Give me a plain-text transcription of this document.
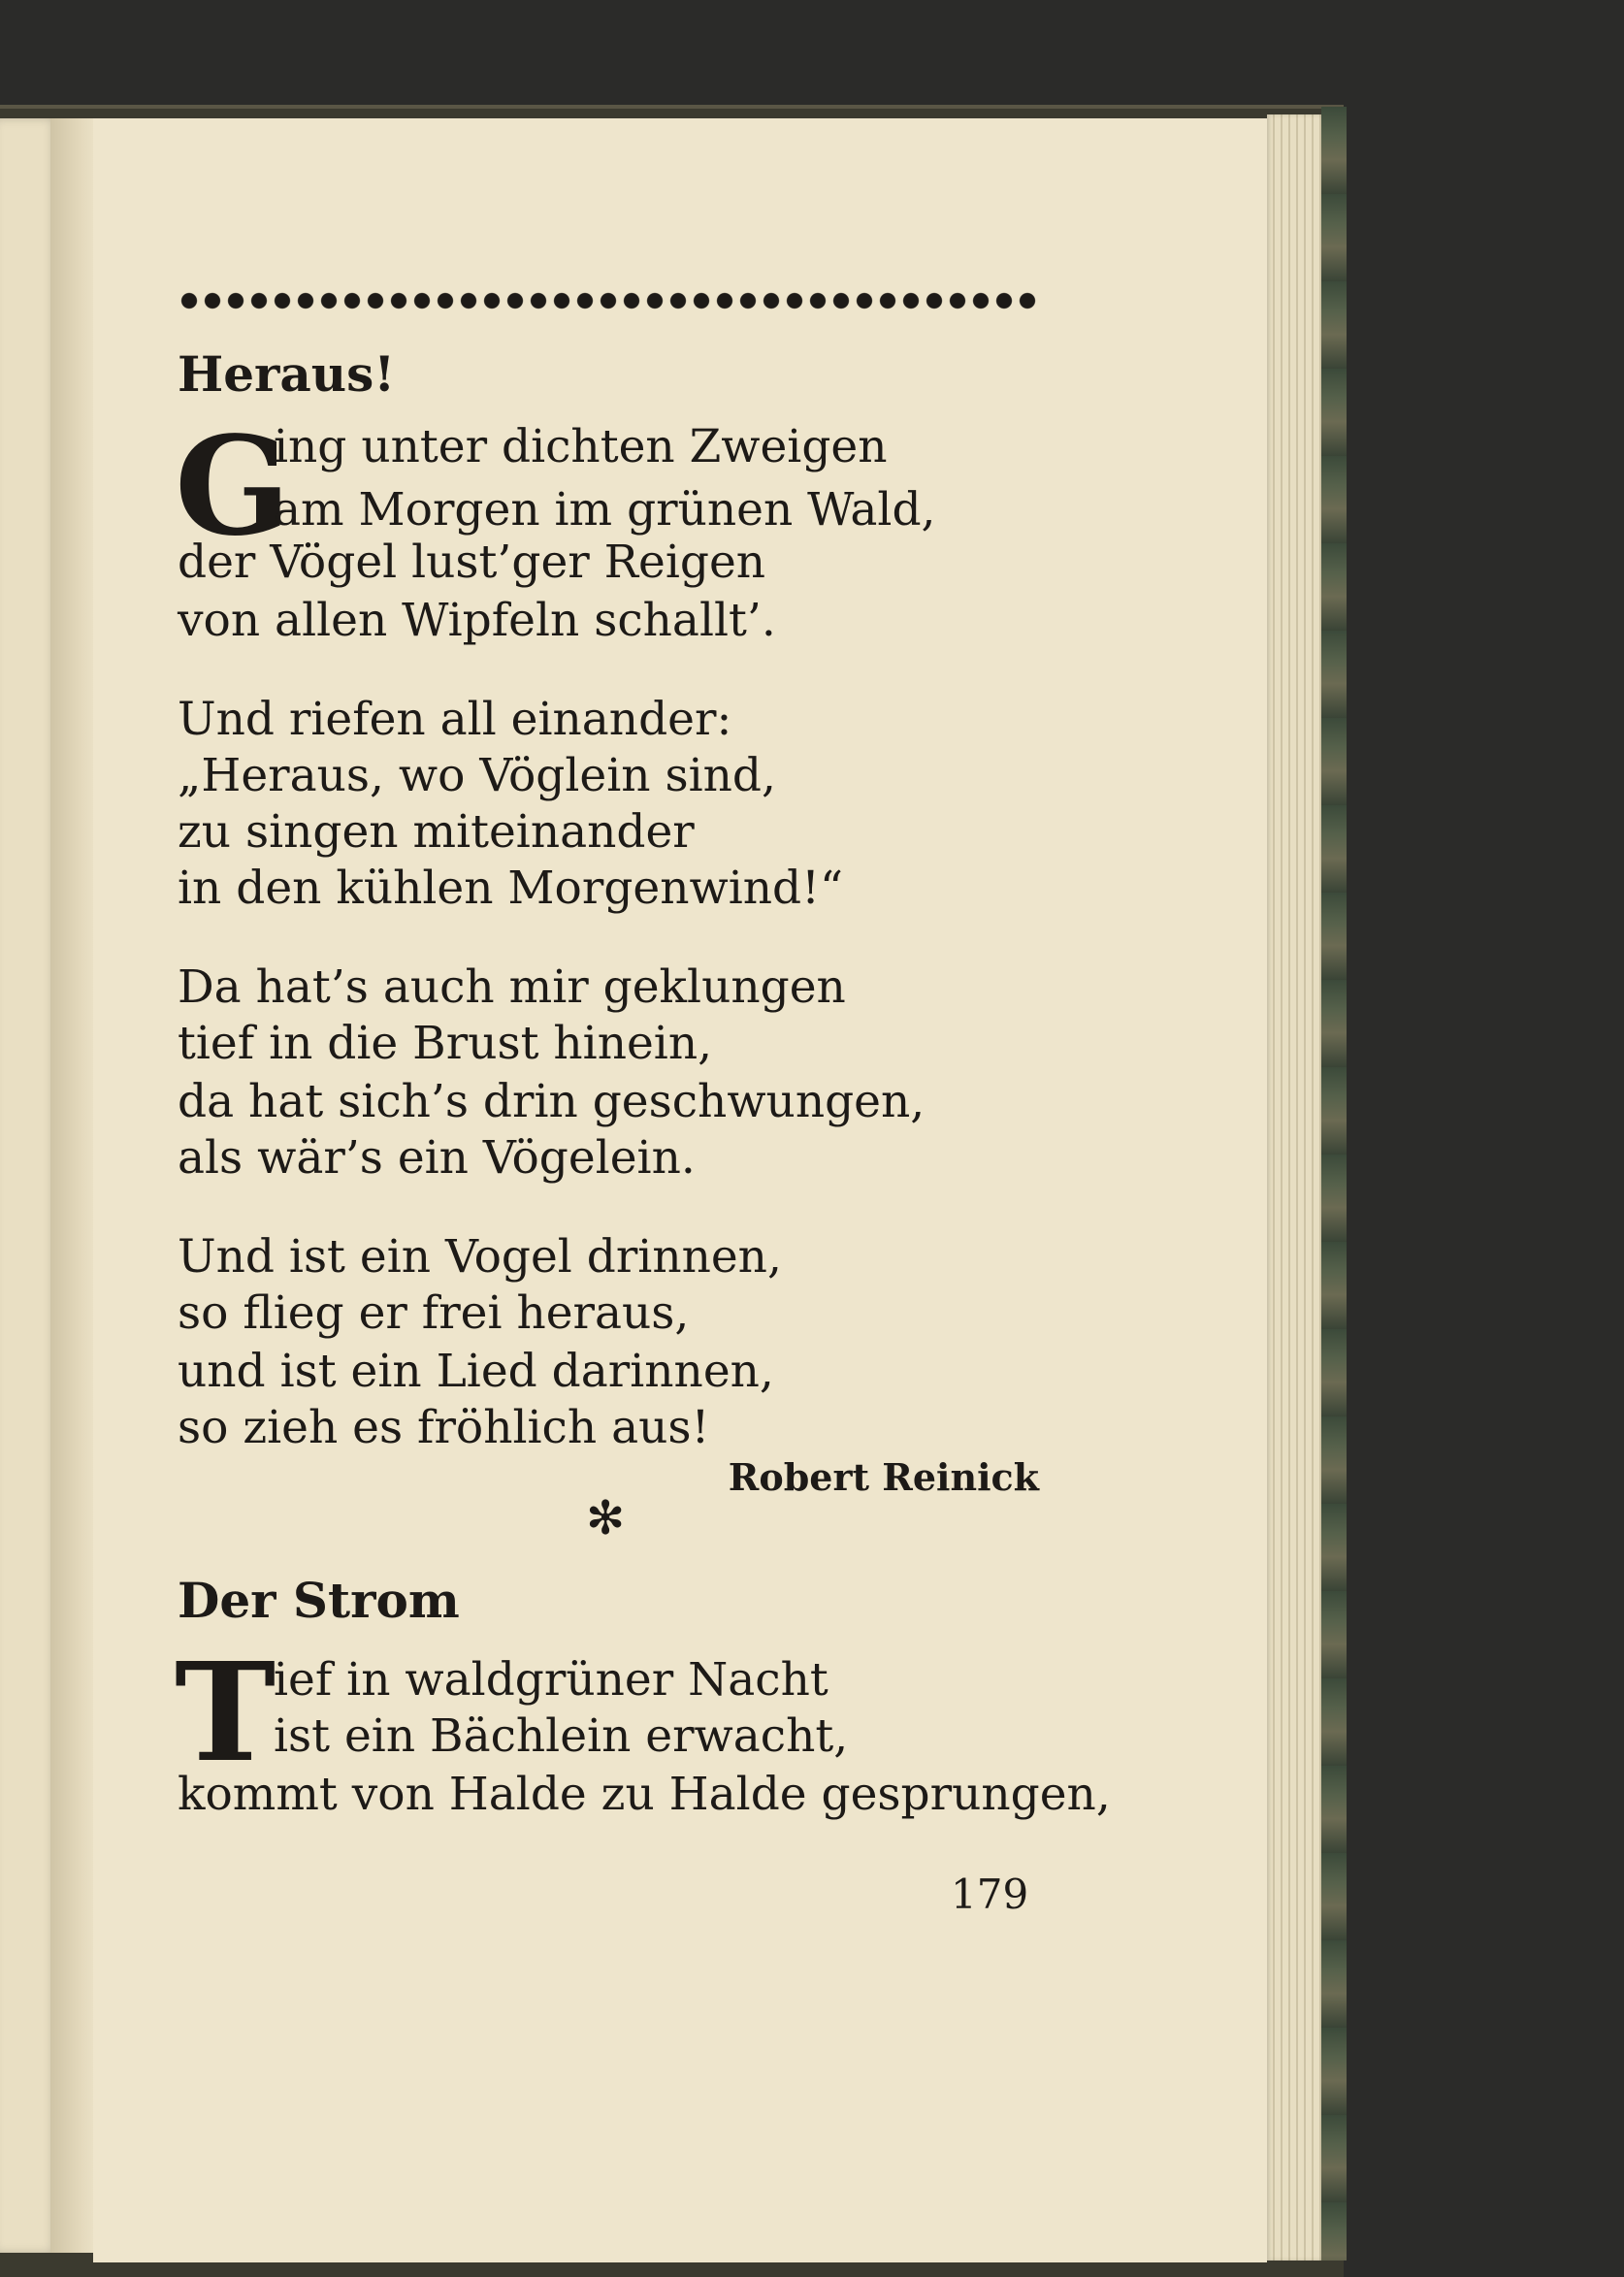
Heraus!
G
ing unter dichten Zweigen
am Morgen im grünen Wald,
der Vögel lust’ger Reigen
von allen Wipfeln schallt’.
Und riefen all einander:
„Heraus, wo Vöglein sind,
zu singen miteinander
in den kühlen Morgenwind!“
Da hat’s auch mir geklungen
tief in die Brust hinein,
da hat sich’s drin geschwungen,
als wär’s ein Vögelein.
Und ist ein Vogel drinnen,
so flieg er frei heraus,
und ist ein Lied darinnen,
so zieh es fröhlich aus!
Robert Reinick
✻
Der Strom
T
ief in waldgrüner Nacht
ist ein Bächlein erwacht,
kommt von Halde zu Halde gesprungen,
179
